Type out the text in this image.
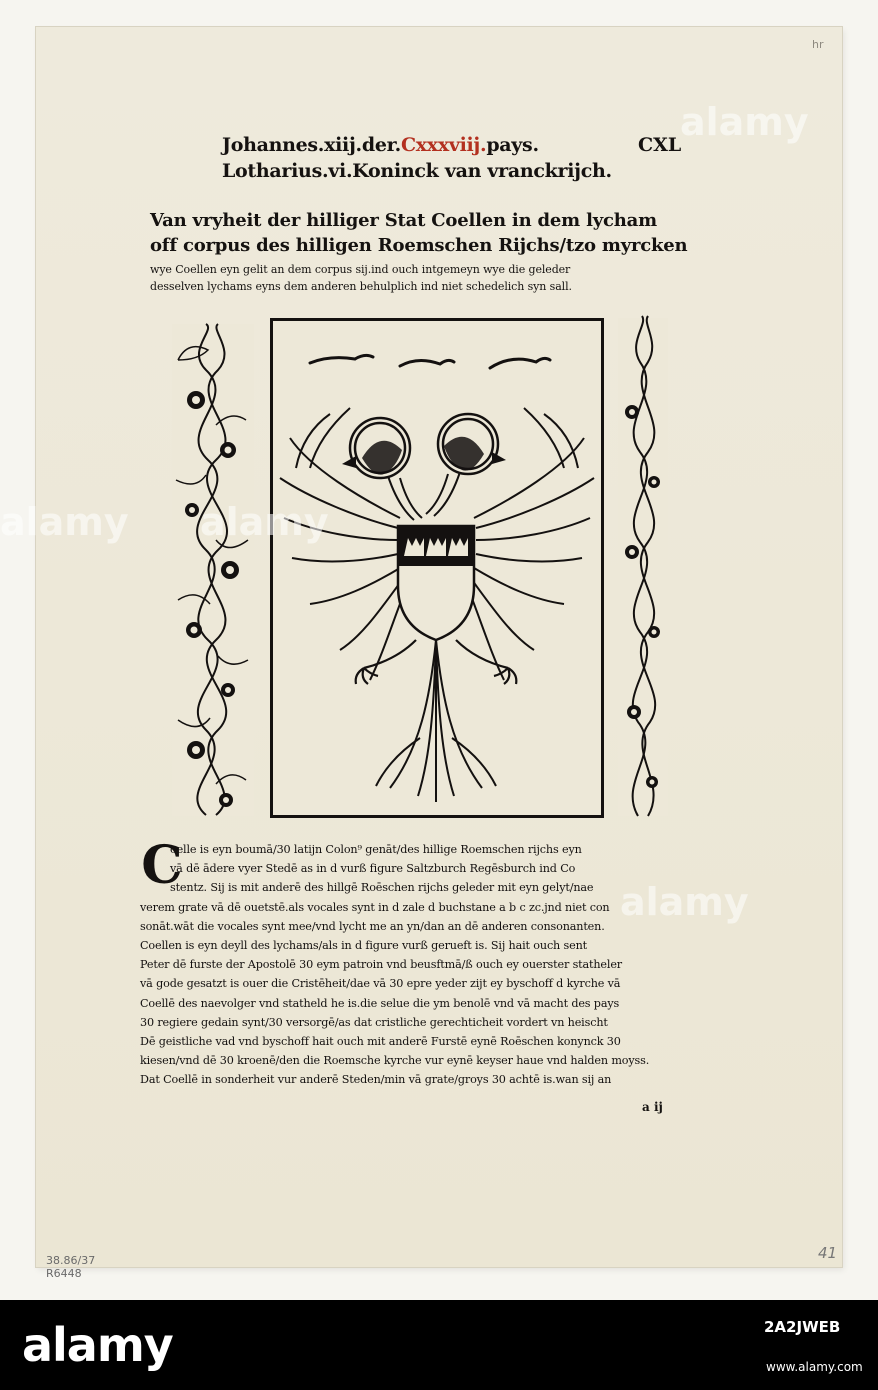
hr
Johannes.xiij.der.Cxxxviij.pays.	CXL
Lotharius.vi.Koninck van vranckrijch.
Van vryheit der hilliger Stat Coellen in dem lycham
off corpus des hilligen Roemschen Rijchs/tzo myrcken
wye Coellen eyn gelit an dem corpus sij.ind ouch intgemeyn wye die geleder
desselven lychams eyns dem anderen behulplich ind niet schedelich syn sall.
oelle is eyn boumā/30 latijn Colon⁹ genāt/des hillige Roemschen rijchs eyn
vā dē ādere vyer Stedē as in d vurß figure Saltzburch Regēsburch ind Co
stentz. Sij is mit anderē des hillgē Roēschen rijchs geleder mit eyn gelyt/nae
verem grate vā dē ouetstē.als vocales synt in d zale d buchstane a b c zc.jnd niet con
sonāt.wāt die vocales synt mee/vnd lycht me an yn/dan an dē anderen consonanten.
Coellen is eyn deyll des lychams/als in d figure vurß gerueft is. Sij hait ouch sent
Peter dē furste der Apostolē 30 eym patroin vnd beusftmā/ß ouch ey ouerster statheler
vā gode gesatzt is ouer die Cristēheit/dae vā 30 epre yeder zijt ey byschoff d kyrche vā
Coellē des naevolger vnd statheld he is.die selue die ym benolē vnd vā macht des pays
30 regiere gedain synt/30 versorgē/as dat cristliche gerechticheit vordert vn heischt
Dē geistliche vad vnd byschoff hait ouch mit anderē Furstē eynē Roēschen konynck 30
kiesen/vnd dē 30 kroenē/den die Roemsche kyrche vur eynē keyser haue vnd halden moyss.
Dat Coellē in sonderheit vur anderē Steden/min vā grate/groys 30 achtē is.wan sij an
C
a ij
38.86/37
R6448
41
alamy
alamy
alamy
alamy
alamy	2A2JWEB
www.alamy.com
